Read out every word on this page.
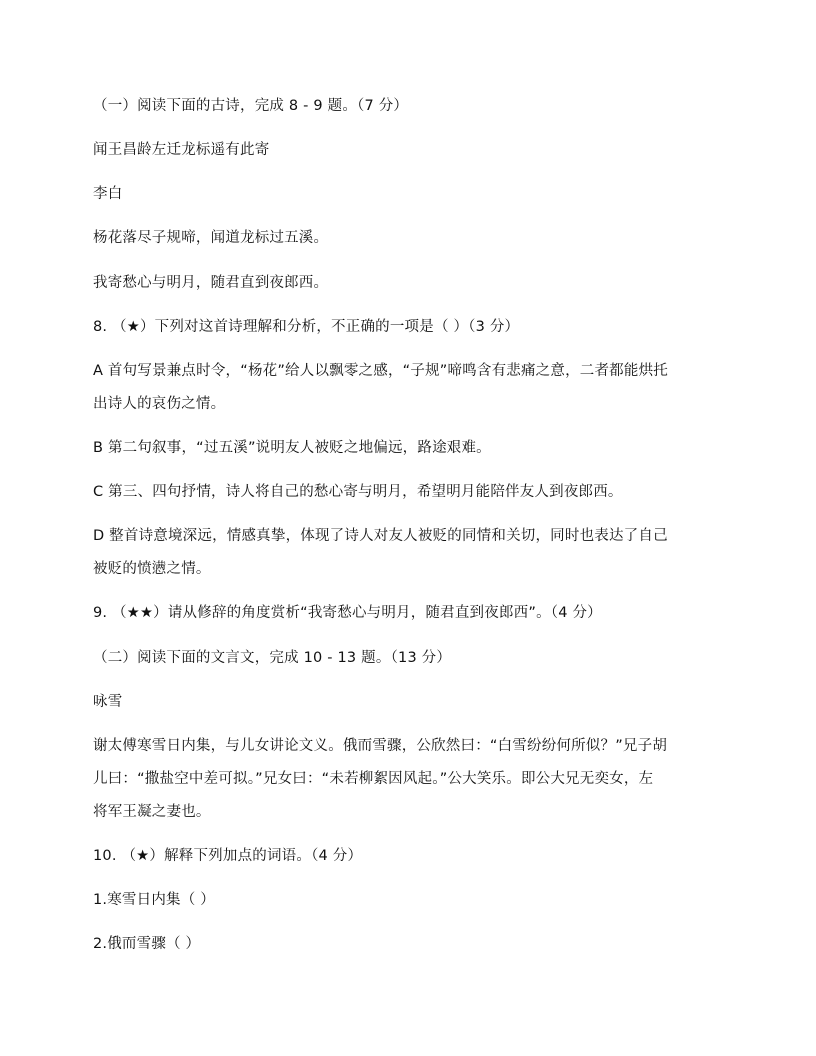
（一）阅读下面的古诗，完成 8 - 9 题。（7 分）
闻王昌龄左迁龙标遥有此寄
李白
杨花落尽子规啼，闻道龙标过五溪。
我寄愁心与明月，随君直到夜郎西。
8. （★）下列对这首诗理解和分析，不正确的一项是（ ）（3 分）
A 首句写景兼点时令，“杨花”给人以飘零之感，“子规”啼鸣含有悲痛之意，二者都能烘托
出诗人的哀伤之情。
B 第二句叙事，“过五溪”说明友人被贬之地偏远，路途艰难。
C 第三、四句抒情，诗人将自己的愁心寄与明月，希望明月能陪伴友人到夜郎西。
D 整首诗意境深远，情感真挚，体现了诗人对友人被贬的同情和关切，同时也表达了自己
被贬的愤懑之情。
9. （★★）请从修辞的角度赏析“我寄愁心与明月，随君直到夜郎西”。（4 分）
（二）阅读下面的文言文，完成 10 - 13 题。（13 分）
咏雪
谢太傅寒雪日内集，与儿女讲论文义。俄而雪骤，公欣然曰：“白雪纷纷何所似？”兄子胡
儿曰：“撒盐空中差可拟。”兄女曰：“未若柳絮因风起。”公大笑乐。即公大兄无奕女，左
将军王凝之妻也。
10. （★）解释下列加点的词语。（4 分）
1.寒雪日内集（ ）
2.俄而雪骤（ ）
